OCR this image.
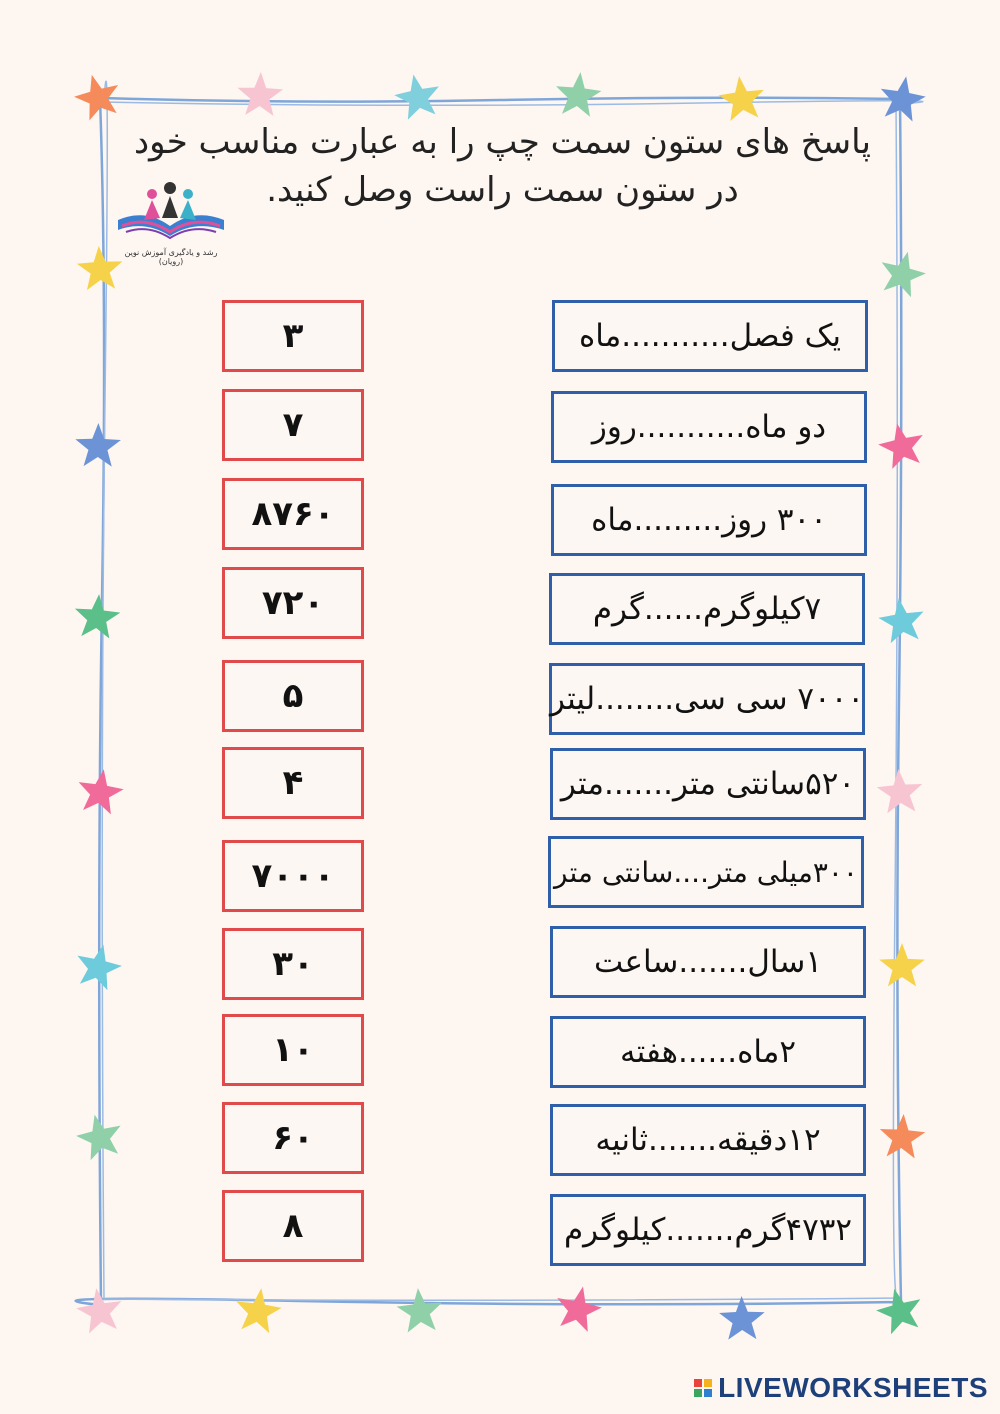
پاسخ های ستون سمت چپ را به عبارت مناسب خود در ستون سمت راست وصل کنید.
رشد و یادگیری آموزش نوین
(رویان)
۳
۷
۸۷۶۰
۷۲۰
۵
۴
۷۰۰۰
۳۰
۱۰
۶۰
۸
یک فصل...........ماه
دو ماه...........روز
۳۰۰ روز.........ماه
۷کیلوگرم......گرم
۷۰۰۰ سی سی........لیتر
۵۲۰سانتی متر.......متر
۳۰۰میلی متر....سانتی متر
۱سال.......ساعت
۲ماه......هفته
۱۲دقیقه.......ثانیه
۴۷۳۲گرم.......کیلوگرم
LIVEWORKSHEETS
